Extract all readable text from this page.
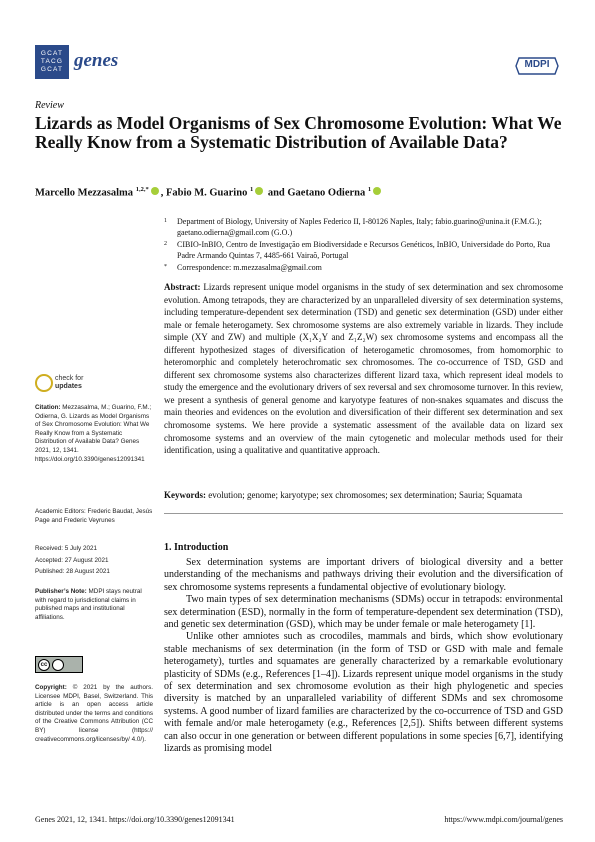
GCAT
TACG
GCAT genes	MDPI
Review
Lizards as Model Organisms of Sex Chromosome Evolution: What We Really Know from a Systematic Distribution of Available Data?
Marcello Mezzasalma $^{1,2,*}$ , Fabio M. Guarino $^1$ and Gaetano Odierna $^1$
1	Department of Biology, University of Naples Federico II, I-80126 Naples, Italy; fabio.guarino@unina.it (F.M.G.); gaetano.odierna@gmail.com (G.O.)
2	CIBIO-InBIO, Centro de Investigação em Biodiversidade e Recursos Genéticos, InBIO, Universidade do Porto, Rua Padre Armando Quintas 7, 4485-661 Vairaõ, Portugal
*	Correspondence: m.mezzasalma@gmail.com
Abstract: Lizards represent unique model organisms in the study of sex determination and sex chromosome evolution. Among tetrapods, they are characterized by an unparalleled diversity of sex determination systems, including temperature-dependent sex determination (TSD) and genetic sex determination (GSD) under either male or female heterogamety. Sex chromosome systems are also extremely variable in lizards. They include simple (XY and ZW) and multiple (X₁X₂Y and Z₁Z₂W) sex chromosome systems and encompass all the different hypothesized stages of diversification of heterogametic chromosomes, from homomorphic to heteromorphic and completely heterochromatic sex chromosomes. The co-occurrence of TSD, GSD and different sex chromosome systems also characterizes different lizard taxa, which represent ideal models to study the emergence and the evolutionary drivers of sex reversal and sex chromosome turnover. In this review, we present a synthesis of general genome and karyotype features of non-snakes squamates and discuss the main theories and evidences on the evolution and diversification of their different sex determination and sex chromosome systems. We here provide a systematic assessment of the available data on lizard sex chromosome systems and an overview of the main cytogenetic and molecular methods used for their identification, using a qualitative and quantitative approach.
Keywords: evolution; genome; karyotype; sex chromosomes; sex determination; Sauria; Squamata
check for
updates
Citation: Mezzasalma, M.; Guarino, F.M.; Odierna, G. Lizards as Model Organisms of Sex Chromosome Evolution: What We Really Know from a Systematic Distribution of Available Data? Genes 2021, 12, 1341. https://doi.org/10.3390/genes12091341
Academic Editors: Frederic Baudat, Jesús Page and Frederic Veyrunes
Received: 5 July 2021
Accepted: 27 August 2021
Published: 28 August 2021
Publisher’s Note: MDPI stays neutral with regard to jurisdictional claims in published maps and institutional affiliations.
cc
Copyright: © 2021 by the authors. Licensee MDPI, Basel, Switzerland. This article is an open access article distributed under the terms and conditions of the Creative Commons Attribution (CC BY) license (https:// creativecommons.org/licenses/by/ 4.0/).
1. Introduction

Sex determination systems are important drivers of biological diversity and a better understanding of the mechanisms and pathways driving their evolution and the diversification of sex chromosome systems represents a fundamental objective of evolutionary biology.

Two main types of sex determination mechanisms (SDMs) occur in tetrapods: environmental sex determination (ESD), normally in the form of temperature-dependent sex determination (TSD), and genetic sex determination (GSD), which may be under female or male heterogamety [1].

Unlike other amniotes such as crocodiles, mammals and birds, which show evolutionary stable mechanisms of sex determination (in the form of TSD or GSD with male and female heterogamety), turtles and squamates are generally characterized by a remarkable evolutionary plasticity of SDMs (e.g., References [1–4]). Lizards represent unique model organisms in the study of sex determination and sex chromosome evolution as their high phylogenetic and species diversity is matched by an unparalleled variability of different SDMs and sex chromosome systems. A good number of lizard families are characterized by the co-occurrence of TSD and GSD with female and/or male heterogamety (e.g., References [2,5]). Shifts between different systems can also occur in one generation or between different populations in some species [6,7], identifying lizards as promising model

Genes 2021, 12, 1341. https://doi.org/10.3390/genes12091341	https://www.mdpi.com/journal/genes
